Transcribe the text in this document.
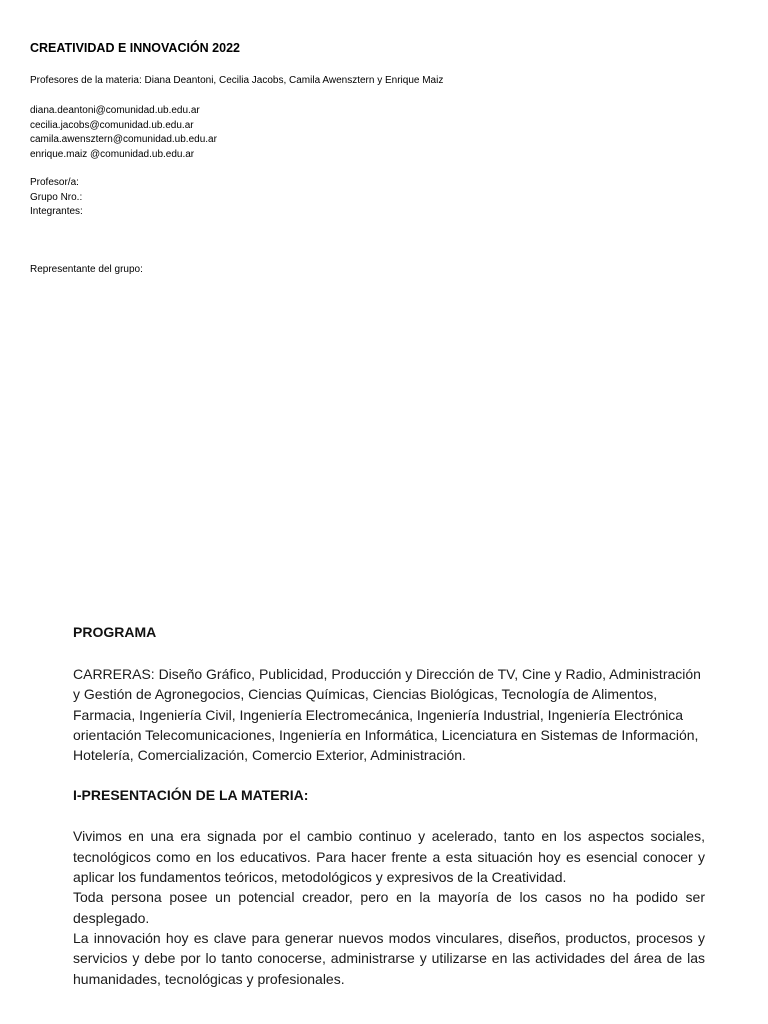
CREATIVIDAD E INNOVACIÓN 2022

Profesores de la materia: Diana Deantoni, Cecilia Jacobs, Camila Awensztern y Enrique Maiz

diana.deantoni@comunidad.ub.edu.ar
cecilia.jacobs@comunidad.ub.edu.ar
camila.awensztern@comunidad.ub.edu.ar
enrique.maiz @comunidad.ub.edu.ar
Profesor/a:
Grupo Nro.:
Integrantes:

Representante del grupo:

PROGRAMA

CARRERAS: Diseño Gráfico, Publicidad, Producción y Dirección de TV, Cine y Radio, Administración y Gestión de Agronegocios, Ciencias Químicas, Ciencias Biológicas, Tecnología de Alimentos, Farmacia, Ingeniería Civil, Ingeniería Electromecánica, Ingeniería Industrial, Ingeniería Electrónica orientación Telecomunicaciones, Ingeniería en Informática, Licenciatura en Sistemas de Información, Hotelería, Comercialización, Comercio Exterior, Administración.

I-PRESENTACIÓN DE LA MATERIA:

Vivimos en una era signada por el cambio continuo y acelerado, tanto en los aspectos sociales, tecnológicos como en los educativos. Para hacer frente a esta situación hoy es esencial conocer y aplicar los fundamentos teóricos, metodológicos y expresivos de la Creatividad.

Toda persona posee un potencial creador, pero en la mayoría de los casos no ha podido ser desplegado.

La innovación hoy es clave para generar nuevos modos vinculares, diseños, productos, procesos y servicios y debe por lo tanto conocerse, administrarse y utilizarse en las actividades del área de las humanidades, tecnológicas y profesionales.
